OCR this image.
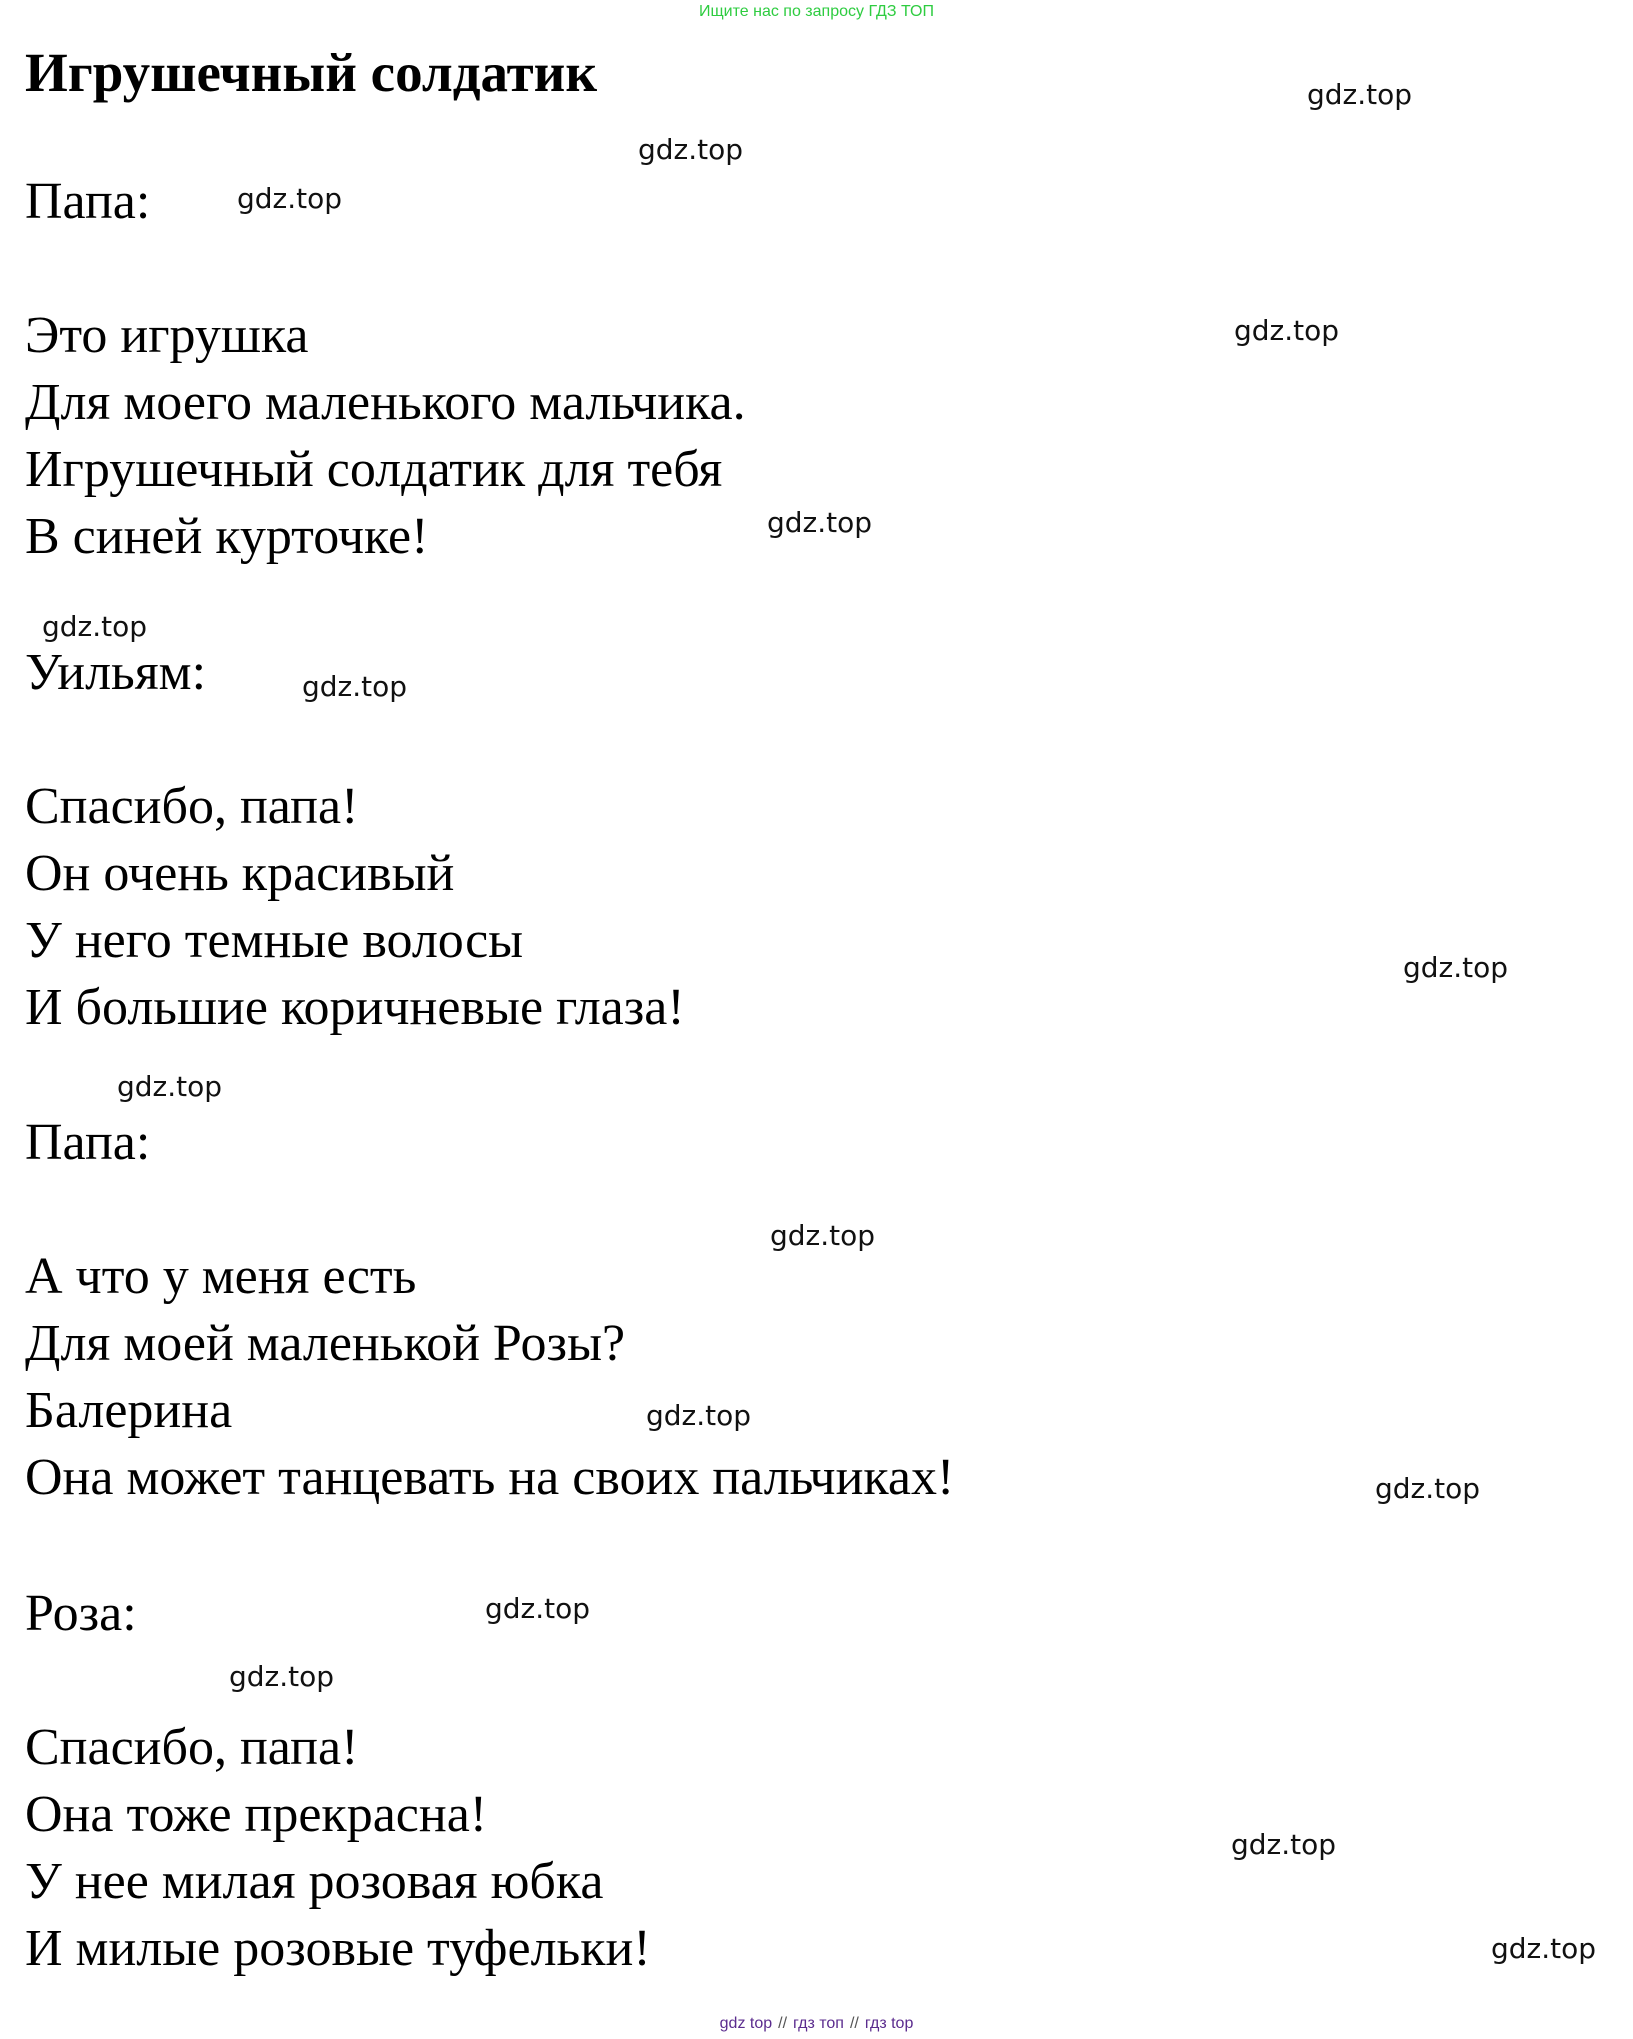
Ищите нас по запросу ГДЗ ТОП
Игрушечный солдатик

Папа:

Это игрушка

Для моего маленького мальчика.

Игрушечный солдатик для тебя

В синей курточке!

Уильям:

Спасибо, папа!

Он очень красивый

У него темные волосы

И большие коричневые глаза!

Папа:

А что у меня есть

Для моей маленькой Розы?

Балерина

Она может танцевать на своих пальчиках!

Роза:

Спасибо, папа!

Она тоже прекрасна!

У нее милая розовая юбка

И милые розовые туфельки!

gdz.top
gdz.top
gdz.top
gdz.top
gdz.top
gdz.top
gdz.top
gdz.top
gdz.top
gdz.top
gdz.top
gdz.top
gdz.top
gdz.top
gdz.top
gdz.top
gdz top // гдз топ // гдз top
